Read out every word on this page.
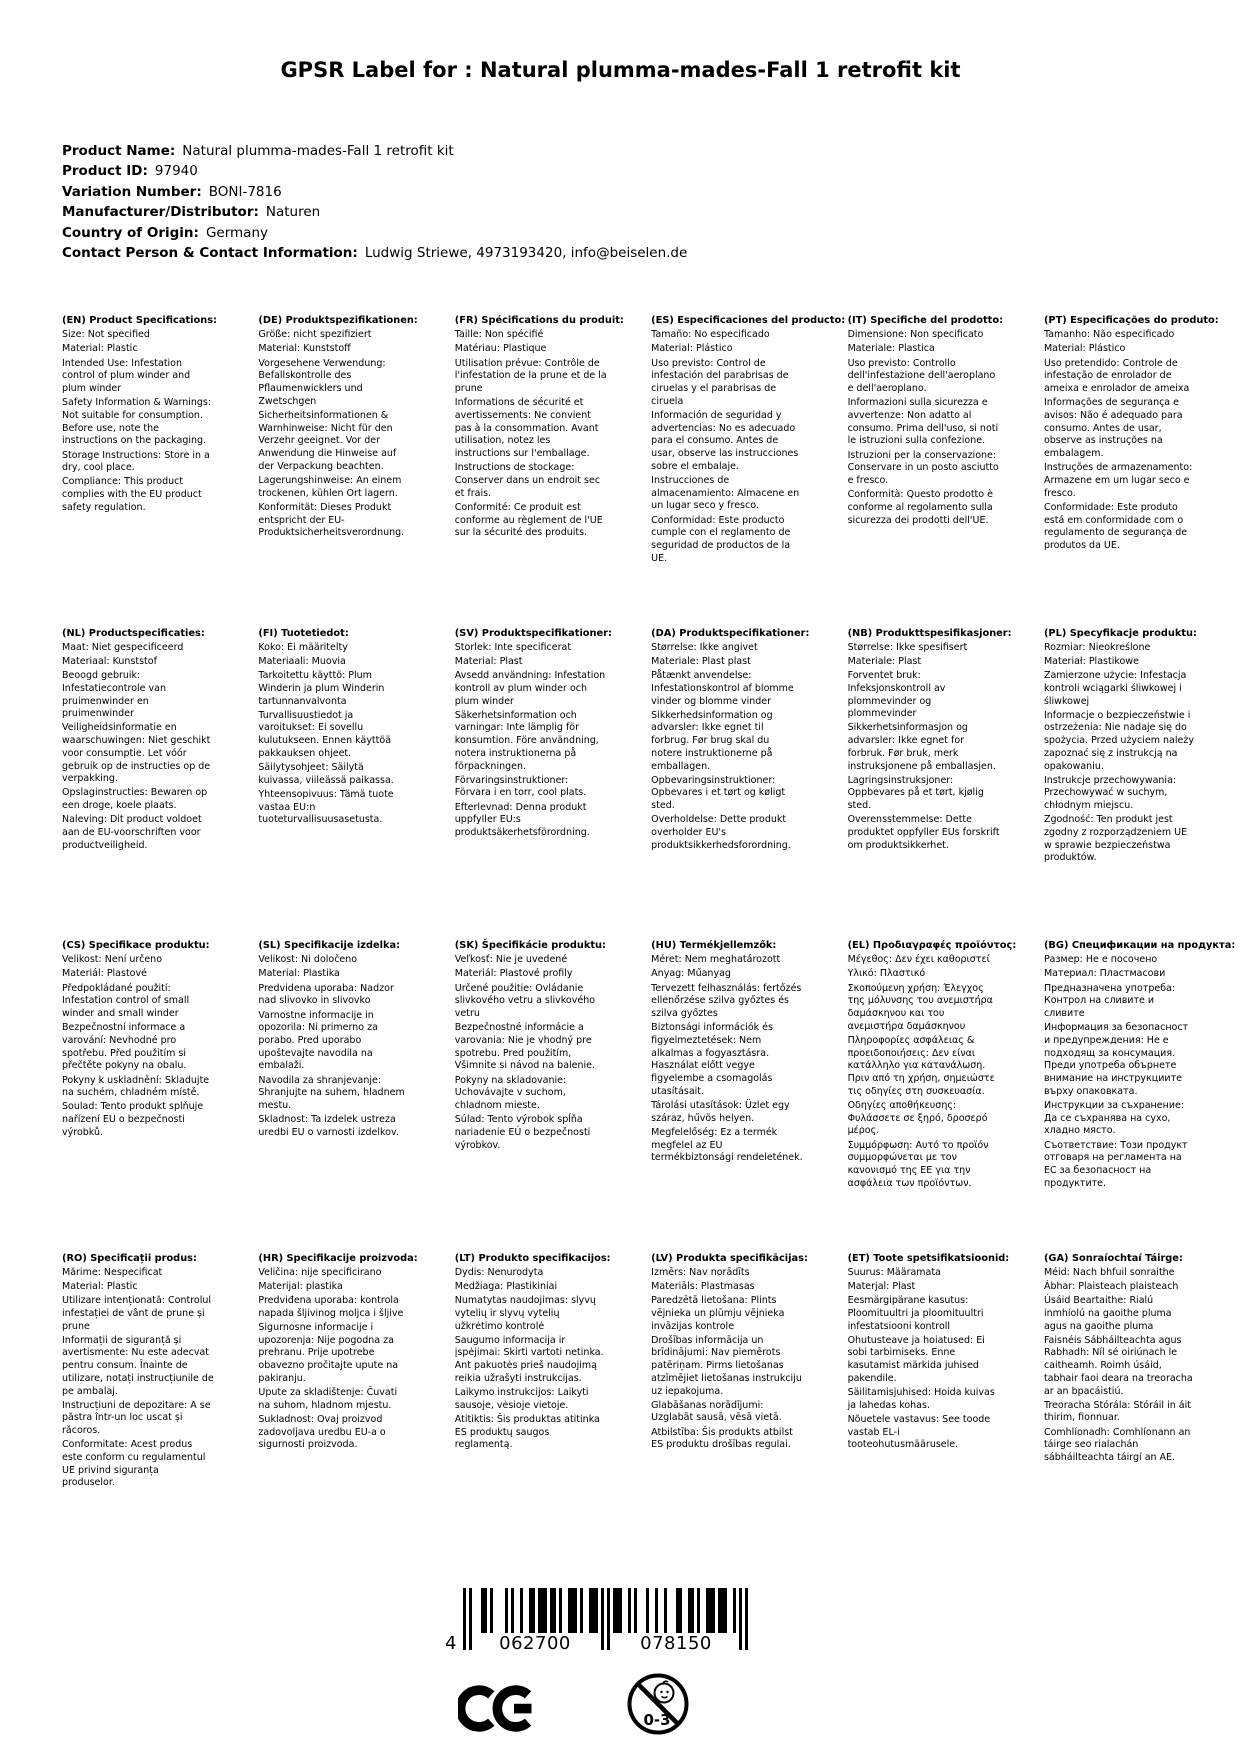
GPSR Label for : Natural plumma-mades-Fall 1 retrofit kit
Product Name: Natural plumma-mades-Fall 1 retrofit kit
Product ID: 97940
Variation Number: BONI-7816
Manufacturer/Distributor: Naturen
Country of Origin: Germany
Contact Person & Contact Information: Ludwig Striewe, 4973193420, info@beiselen.de
(EN) Product Specifications:

Size: Not specified

Material: Plastic

Intended Use: Infestation control of plum winder and plum winder

Safety Information & Warnings: Not suitable for consumption. Before use, note the instructions on the packaging.

Storage Instructions: Store in a dry, cool place.

Compliance: This product complies with the EU product safety regulation.

(DE) Produktspezifikationen:

Größe: nicht spezifiziert

Material: Kunststoff

Vorgesehene Verwendung: Befallskontrolle des Pflaumenwicklers und Zwetschgen

Sicherheitsinformationen & Warnhinweise: Nicht für den Verzehr geeignet. Vor der Anwendung die Hinweise auf der Verpackung beachten.

Lagerungshinweise: An einem trockenen, kühlen Ort lagern.

Konformität: Dieses Produkt entspricht der EU-Produktsicherheitsverordnung.

(FR) Spécifications du produit:

Taille: Non spécifié

Matériau: Plastique

Utilisation prévue: Contrôle de l'infestation de la prune et de la prune

Informations de sécurité et avertissements: Ne convient pas à la consommation. Avant utilisation, notez les instructions sur l'emballage.

Instructions de stockage: Conserver dans un endroit sec et frais.

Conformité: Ce produit est conforme au règlement de l'UE sur la sécurité des produits.

(ES) Especificaciones del producto:

Tamaño: No especificado

Material: Plástico

Uso previsto: Control de infestación del parabrisas de ciruelas y el parabrisas de ciruela

Información de seguridad y advertencias: No es adecuado para el consumo. Antes de usar, observe las instrucciones sobre el embalaje.

Instrucciones de almacenamiento: Almacene en un lugar seco y fresco.

Conformidad: Este producto cumple con el reglamento de seguridad de productos de la UE.

(IT) Specifiche del prodotto:

Dimensione: Non specificato

Materiale: Plastica

Uso previsto: Controllo dell'infestazione dell'aeroplano e dell'aeroplano.

Informazioni sulla sicurezza e avvertenze: Non adatto al consumo. Prima dell'uso, si noti le istruzioni sulla confezione.

Istruzioni per la conservazione: Conservare in un posto asciutto e fresco.

Conformità: Questo prodotto è conforme al regolamento sulla sicurezza dei prodotti dell'UE.

(PT) Especificações do produto:

Tamanho: Não especificado

Material: Plástico

Uso pretendido: Controle de infestação de enrolador de ameixa e enrolador de ameixa

Informações de segurança e avisos: Não é adequado para consumo. Antes de usar, observe as instruções na embalagem.

Instruções de armazenamento: Armazene em um lugar seco e fresco.

Conformidade: Este produto está em conformidade com o regulamento de segurança de produtos da UE.

(NL) Productspecificaties:

Maat: Niet gespecificeerd

Materiaal: Kunststof

Beoogd gebruik: Infestatiecontrole van pruimenwinder en pruimenwinder

Veiligheidsinformatie en waarschuwingen: Niet geschikt voor consumptie. Let vóór gebruik op de instructies op de verpakking.

Opslaginstructies: Bewaren op een droge, koele plaats.

Naleving: Dit product voldoet aan de EU-voorschriften voor productveiligheid.

(FI) Tuotetiedot:

Koko: Ei määritelty

Materiaali: Muovia

Tarkoitettu käyttö: Plum Winderin ja plum Winderin tartunnanvalvonta

Turvallisuustiedot ja varoitukset: Ei sovellu kulutukseen. Ennen käyttöä pakkauksen ohjeet.

Säilytysohjeet: Säilytä kuivassa, viileässä paikassa.

Yhteensopivuus: Tämä tuote vastaa EU:n tuoteturvallisuusasetusta.

(SV) Produktspecifikationer:

Storlek: Inte specificerat

Material: Plast

Avsedd användning: Infestation kontroll av plum winder och plum winder

Säkerhetsinformation och varningar: Inte lämplig för konsumtion. Före användning, notera instruktionerna på förpackningen.

Förvaringsinstruktioner: Förvara i en torr, cool plats.

Efterlevnad: Denna produkt uppfyller EU:s produktsäkerhetsförordning.

(DA) Produktspecifikationer:

Størrelse: Ikke angivet

Materiale: Plast plast

Påtænkt anvendelse: Infestationskontrol af blomme vinder og blomme vinder

Sikkerhedsinformation og advarsler: Ikke egnet til forbrug. Før brug skal du notere instruktionerne på emballagen.

Opbevaringsinstruktioner: Opbevares i et tørt og køligt sted.

Overholdelse: Dette produkt overholder EU's produktsikkerhedsforordning.

(NB) Produkttspesifikasjoner:

Størrelse: Ikke spesifisert

Materiale: Plast

Forventet bruk: Infeksjonskontroll av plommevinder og plommevinder

Sikkerhetsinformasjon og advarsler: Ikke egnet for forbruk. Før bruk, merk instruksjonene på emballasjen.

Lagringsinstruksjoner: Oppbevares på et tørt, kjølig sted.

Overensstemmelse: Dette produktet oppfyller EUs forskrift om produktsikkerhet.

(PL) Specyfikacje produktu:

Rozmiar: Nieokreślone

Materiał: Plastikowe

Zamierzone użycie: Infestacja kontroli wciągarki śliwkowej i śliwkowej

Informacje o bezpieczeństwie i ostrzeżenia: Nie nadaje się do spożycia. Przed użyciem należy zapoznać się z instrukcją na opakowaniu.

Instrukcje przechowywania: Przechowywać w suchym, chłodnym miejscu.

Zgodność: Ten produkt jest zgodny z rozporządzeniem UE w sprawie bezpieczeństwa produktów.

(CS) Specifikace produktu:

Velikost: Není určeno

Materiál: Plastové

Předpokládané použití: Infestation control of small winder and small winder

Bezpečnostní informace a varování: Nevhodné pro spotřebu. Před použitím si přečtěte pokyny na obalu.

Pokyny k uskladnění: Skladujte na suchém, chladném místě.

Soulad: Tento produkt splňuje nařízení EU o bezpečnosti výrobků.

(SL) Specifikacije izdelka:

Velikost: Ni določeno

Material: Plastika

Predvidena uporaba: Nadzor nad slivovko in slivovko

Varnostne informacije in opozorila: Ni primerno za porabo. Pred uporabo upoštevajte navodila na embalaži.

Navodila za shranjevanje: Shranjujte na suhem, hladnem mestu.

Skladnost: Ta izdelek ustreza uredbi EU o varnosti izdelkov.

(SK) Špecifikácie produktu:

Veľkosť: Nie je uvedené

Materiál: Plastové profily

Určené použitie: Ovládanie slivkového vetru a slivkového vetru

Bezpečnostné informácie a varovania: Nie je vhodný pre spotrebu. Pred použitím, Všimnite si návod na balenie.

Pokyny na skladovanie: Uchovávajte v suchom, chladnom mieste.

Súlad: Tento výrobok spĺňa nariadenie EÚ o bezpečnosti výrobkov.

(HU) Termékjellemzők:

Méret: Nem meghatározott

Anyag: Műanyag

Tervezett felhasználás: fertőzés ellenőrzése szilva győztes és szilva győztes

Biztonsági információk és figyelmeztetések: Nem alkalmas a fogyasztásra. Használat előtt vegye figyelembe a csomagolás utasításait.

Tárolási utasítások: Üzlet egy száraz, hűvös helyen.

Megfelelőség: Ez a termék megfelel az EU termékbiztonsági rendeletének.

(EL) Προδιαγραφές προϊόντος:

Μέγεθος: Δεν έχει καθοριστεί

Υλικό: Πλαστικό

Σκοπούμενη χρήση: Έλεγχος της μόλυνσης του ανεμιστήρα δαμάσκηνου και του ανεμιστήρα δαμάσκηνου

Πληροφορίες ασφάλειας & προειδοποιήσεις: Δεν είναι κατάλληλο για κατανάλωση. Πριν από τη χρήση, σημειώστε τις οδηγίες στη συσκευασία.

Οδηγίες αποθήκευσης: Φυλάσσετε σε ξηρό, δροσερό μέρος.

Συμμόρφωση: Αυτό το προϊόν συμμορφώνεται με τον κανονισμό της ΕΕ για την ασφάλεια των προϊόντων.

(BG) Спецификации на продукта:

Размер: Не е посочено

Материал: Пластмасови

Предназначена употреба: Контрол на сливите и сливите

Информация за безопасност и предупреждения: Не е подходящ за консумация. Преди употреба обърнете внимание на инструкциите върху опаковката.

Инструкции за съхранение: Да се съхранява на сухо, хладно място.

Съответствие: Този продукт отговаря на регламента на ЕС за безопасност на продуктите.

(RO) Specificații produs:

Mărime: Nespecificat

Material: Plastic

Utilizare intenționată: Controlul infestației de vânt de prune și prune

Informații de siguranță și avertismente: Nu este adecvat pentru consum. Înainte de utilizare, notați instrucțiunile de pe ambalaj.

Instrucțiuni de depozitare: A se păstra într-un loc uscat și răcoros.

Conformitate: Acest produs este conform cu regulamentul UE privind siguranța produselor.

(HR) Specifikacije proizvoda:

Veličina: nije specificirano

Materijal: plastika

Predviđena uporaba: kontrola napada šljivinog moljca i šljive

Sigurnosne informacije i upozorenja: Nije pogodna za prehranu. Prije upotrebe obavezno pročitajte upute na pakiranju.

Upute za skladištenje: Čuvati na suhom, hladnom mjestu.

Sukladnost: Ovaj proizvod zadovoljava uredbu EU-a o sigurnosti proizvoda.

(LT) Produkto specifikacijos:

Dydis: Nenurodyta

Medžiaga: Plastikiniai

Numatytas naudojimas: slyvų vytelių ir slyvų vytelių užkrėtimo kontrolė

Saugumo informacija ir įspėjimai: Skirti vartoti netinka. Ant pakuotės prieš naudojimą reikia užrašyti instrukcijas.

Laikymo instrukcijos: Laikyti sausoje, vėsioje vietoje.

Atitiktis: Šis produktas atitinka ES produktų saugos reglamentą.

(LV) Produkta specifikācijas:

Izmērs: Nav norādīts

Materiāls: Plastmasas

Paredzētā lietošana: Plints vējnieka un plūmju vējnieka invāzijas kontrole

Drošības informācija un brīdinājumi: Nav piemērots patēriņam. Pirms lietošanas atzīmējiet lietošanas instrukciju uz iepakojuma.

Glabāšanas norādījumi: Uzglabāt sausā, vēsā vietā.

Atbilstība: Šis produkts atbilst ES produktu drošības regulai.

(ET) Toote spetsifikatsioonid:

Suurus: Määramata

Materjal: Plast

Eesmärgipärane kasutus: Ploomituultri ja ploomituultri infestatsiooni kontroll

Ohutusteave ja hoiatused: Ei sobi tarbimiseks. Enne kasutamist märkida juhised pakendile.

Säilitamisjuhised: Hoida kuivas ja lahedas kohas.

Nõuetele vastavus: See toode vastab EL-i tooteohutusmäärusele.

(GA) Sonraíochtaí Táirge:

Méid: Nach bhfuil sonraithe

Ábhar: Plaisteach plaisteach

Úsáid Beartaithe: Rialú inmhíolú na gaoithe pluma agus na gaoithe pluma

Faisnéis Sábháilteachta agus Rabhadh: Níl sé oiriúnach le caitheamh. Roimh úsáid, tabhair faoi deara na treoracha ar an bpacáistiú.

Treoracha Stórála: Stóráil in áit thirim, fionnuar.

Comhlíonadh: Comhlíonann an táirge seo rialachán sábháilteachta táirgí an AE.

4	062700	078150
0-3
